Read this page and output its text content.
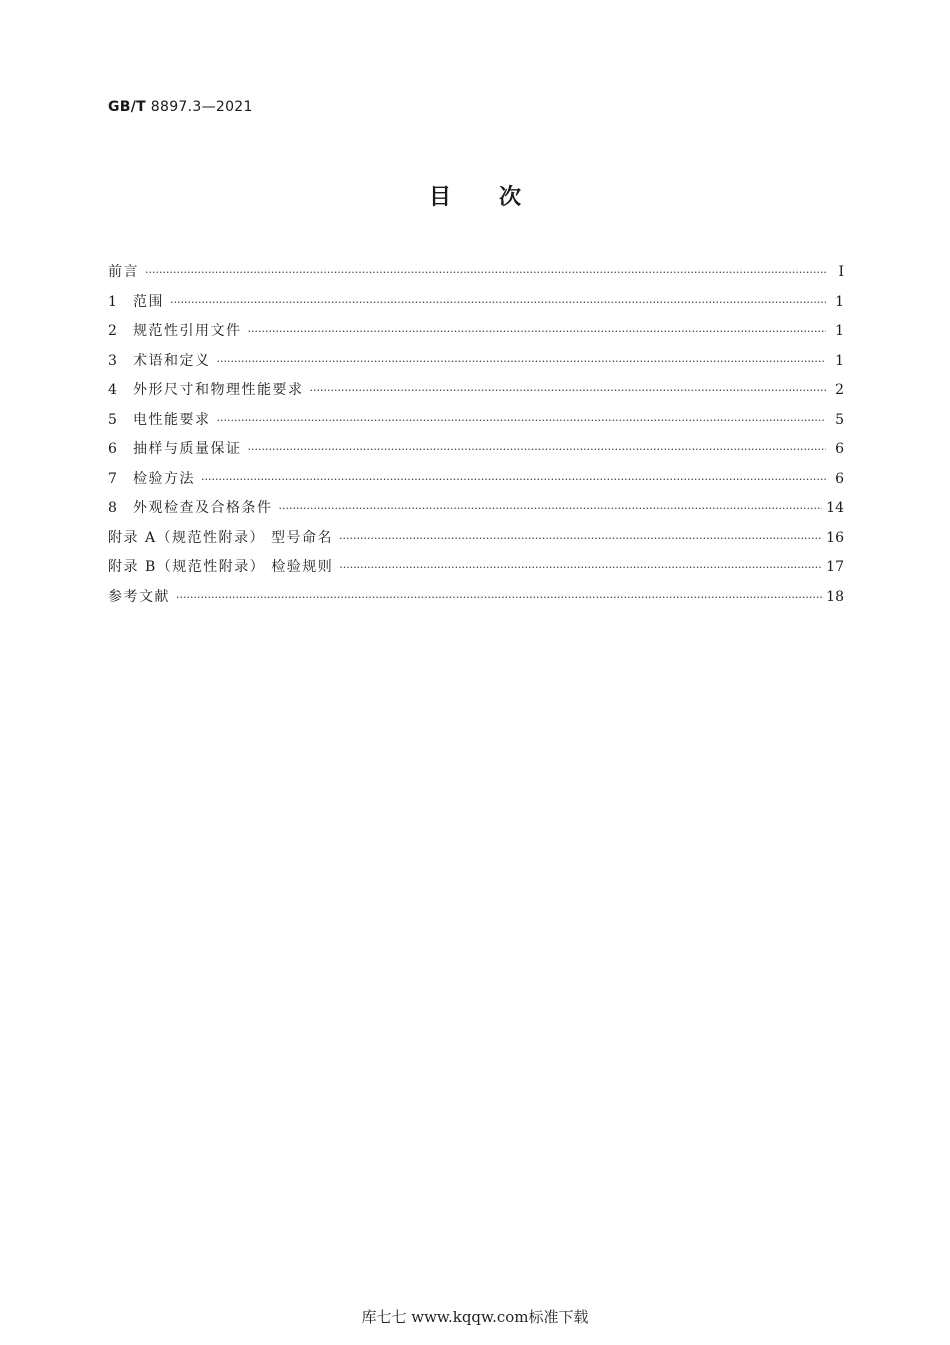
GB/T 8897.3—2021
目次
前言 ·····	Ⅰ
1	范围 ·····	1
2	规范性引用文件 ·····	1
3	术语和定义 ·····	1
4	外形尺寸和物理性能要求 ·····	2
5	电性能要求 ·····	5
6	抽样与质量保证 ·····	6
7	检验方法 ·····	6
8	外观检查及合格条件 ·····	14
附录 A（规范性附录） 型号命名 ·····	16
附录 B（规范性附录） 检验规则 ·····	17
参考文献 ·····	18
库七七 www.kqqw.com标准下载
